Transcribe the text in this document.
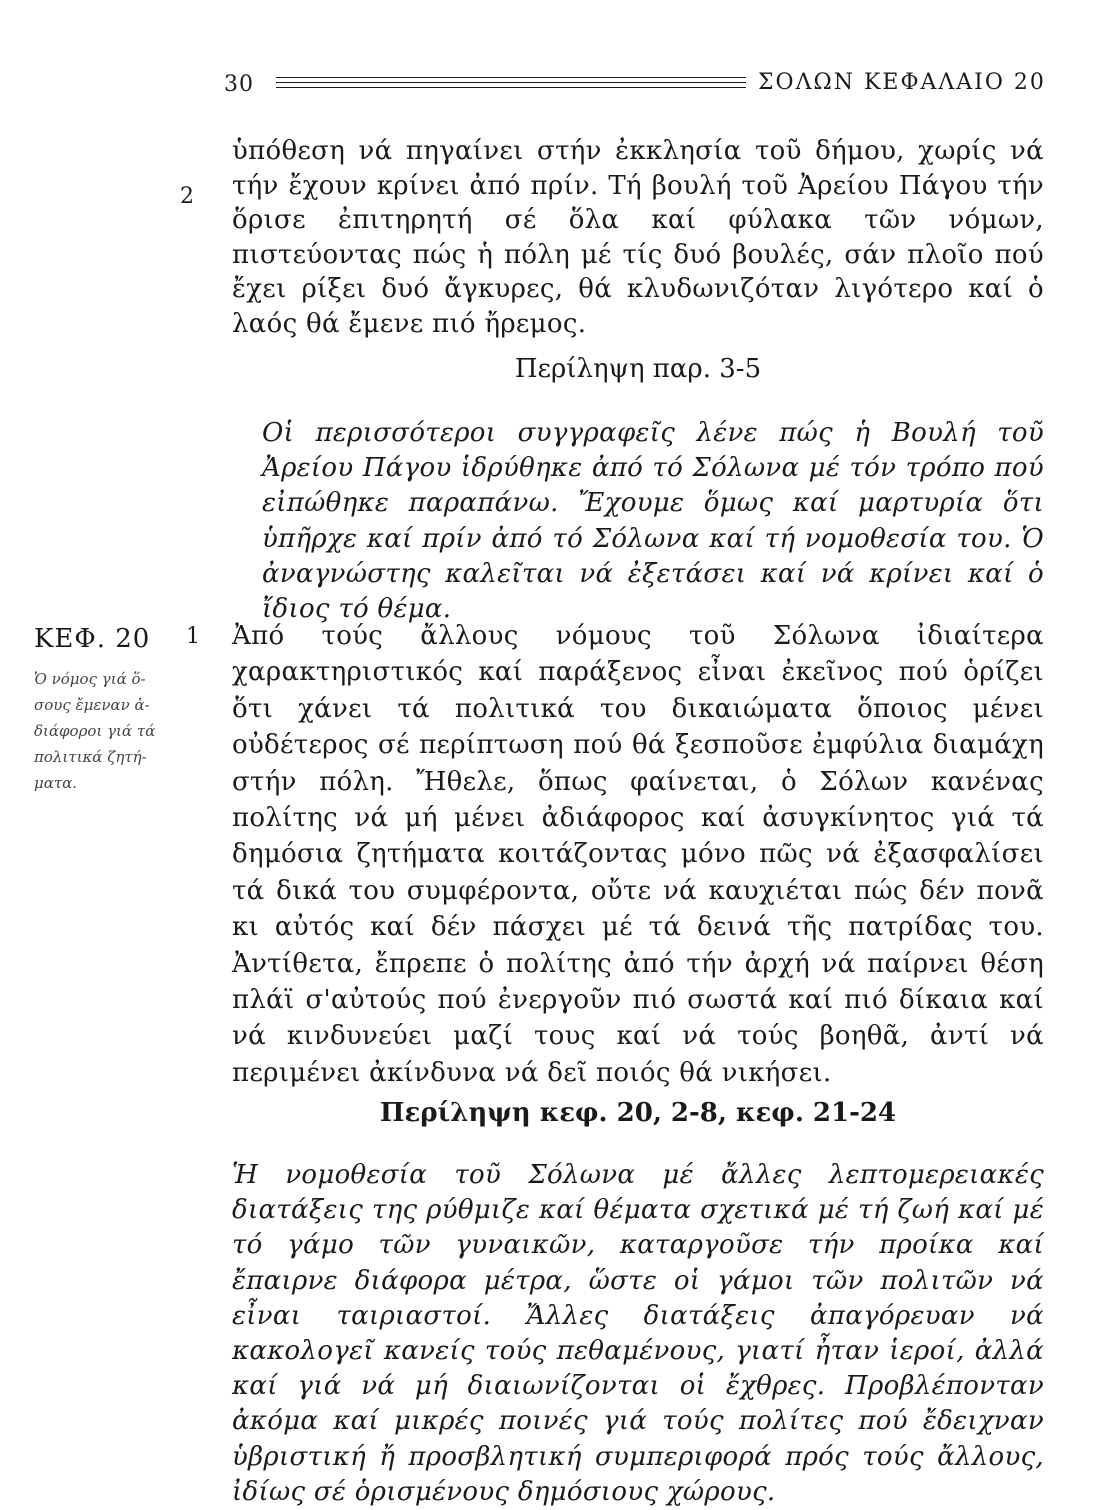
30	ΣΟΛΩΝ ΚΕΦΑΛΑΙΟ 20
2
1
ΚΕΦ. 20

Ὁ νόμος γιά ὅ-σους ἔμεναν ἀ-διάφοροι γιά τά πολιτικά ζητή-ματα.

ὑπόθεση νά πηγαίνει στήν ἐκκλησία τοῦ δήμου, χωρίς νά τήν ἔχουν κρίνει ἀπό πρίν. Τή βουλή τοῦ Ἀρείου Πάγου τήν ὅρισε ἐπιτηρητή σέ ὅλα καί φύλακα τῶν νόμων, πιστεύοντας πώς ἡ πόλη μέ τίς δυό βουλές, σάν πλοῖο πού ἔχει ρίξει δυό ἄγκυρες, θά κλυδωνιζόταν λιγότερο καί ὁ λαός θά ἔμενε πιό ἤρεμος.

Περίληψη παρ. 3-5

Οἱ περισσότεροι συγγραφεῖς λένε πώς ἡ Βουλή τοῦ Ἀρείου Πάγου ἱδρύθηκε ἀπό τό Σόλωνα μέ τόν τρόπο πού εἰπώθηκε παραπάνω. Ἔχουμε ὅμως καί μαρτυρία ὅτι ὑπῆρχε καί πρίν ἀπό τό Σόλωνα καί τή νομοθεσία του. Ὁ ἀναγνώστης καλεῖται νά ἐξετάσει καί νά κρίνει καί ὁ ἴδιος τό θέμα.

Ἀπό τούς ἄλλους νόμους τοῦ Σόλωνα ἰδιαίτερα χαρακτηριστικός καί παράξενος εἶναι ἐκεῖνος πού ὁρίζει ὅτι χάνει τά πολιτικά του δικαιώματα ὅποιος μένει οὐδέτερος σέ περίπτωση πού θά ξεσποῦσε ἐμφύλια διαμάχη στήν πόλη. Ἤθελε, ὅπως φαίνεται, ὁ Σόλων κανένας πολίτης νά μή μένει ἀδιάφορος καί ἀσυγκίνητος γιά τά δημόσια ζητήματα κοιτάζοντας μόνο πῶς νά ἐξασφαλίσει τά δικά του συμφέροντα, οὔτε νά καυχιέται πώς δέν πονᾶ κι αὐτός καί δέν πάσχει μέ τά δεινά τῆς πατρίδας του. Ἀντίθετα, ἔπρεπε ὁ πολίτης ἀπό τήν ἀρχή νά παίρνει θέση πλάϊ σ'αὐτούς πού ἐνεργοῦν πιό σωστά καί πιό δίκαια καί νά κινδυνεύει μαζί τους καί νά τούς βοηθᾶ, ἀντί νά περιμένει ἀκίνδυνα νά δεῖ ποιός θά νικήσει.

Περίληψη κεφ. 20, 2-8, κεφ. 21-24

Ἡ νομοθεσία τοῦ Σόλωνα μέ ἄλλες λεπτομερειακές διατάξεις της ρύθμιζε καί θέματα σχετικά μέ τή ζωή καί μέ τό γάμο τῶν γυναικῶν, καταργοῦσε τήν προίκα καί ἔπαιρνε διάφορα μέτρα, ὥστε οἱ γάμοι τῶν πολιτῶν νά εἶναι ταιριαστοί. Ἄλλες διατάξεις ἀπαγόρευαν νά κακολογεῖ κανείς τούς πεθαμένους, γιατί ἦταν ἱεροί, ἀλλά καί γιά νά μή διαιωνίζονται οἱ ἔχθρες. Προβλέπονταν ἀκόμα καί μικρές ποινές γιά τούς πολίτες πού ἔδειχναν ὑβριστική ἤ προσβλητική συμπεριφορά πρός τούς ἄλλους, ἰδίως σέ ὁρισμένους δημόσιους χώρους.
